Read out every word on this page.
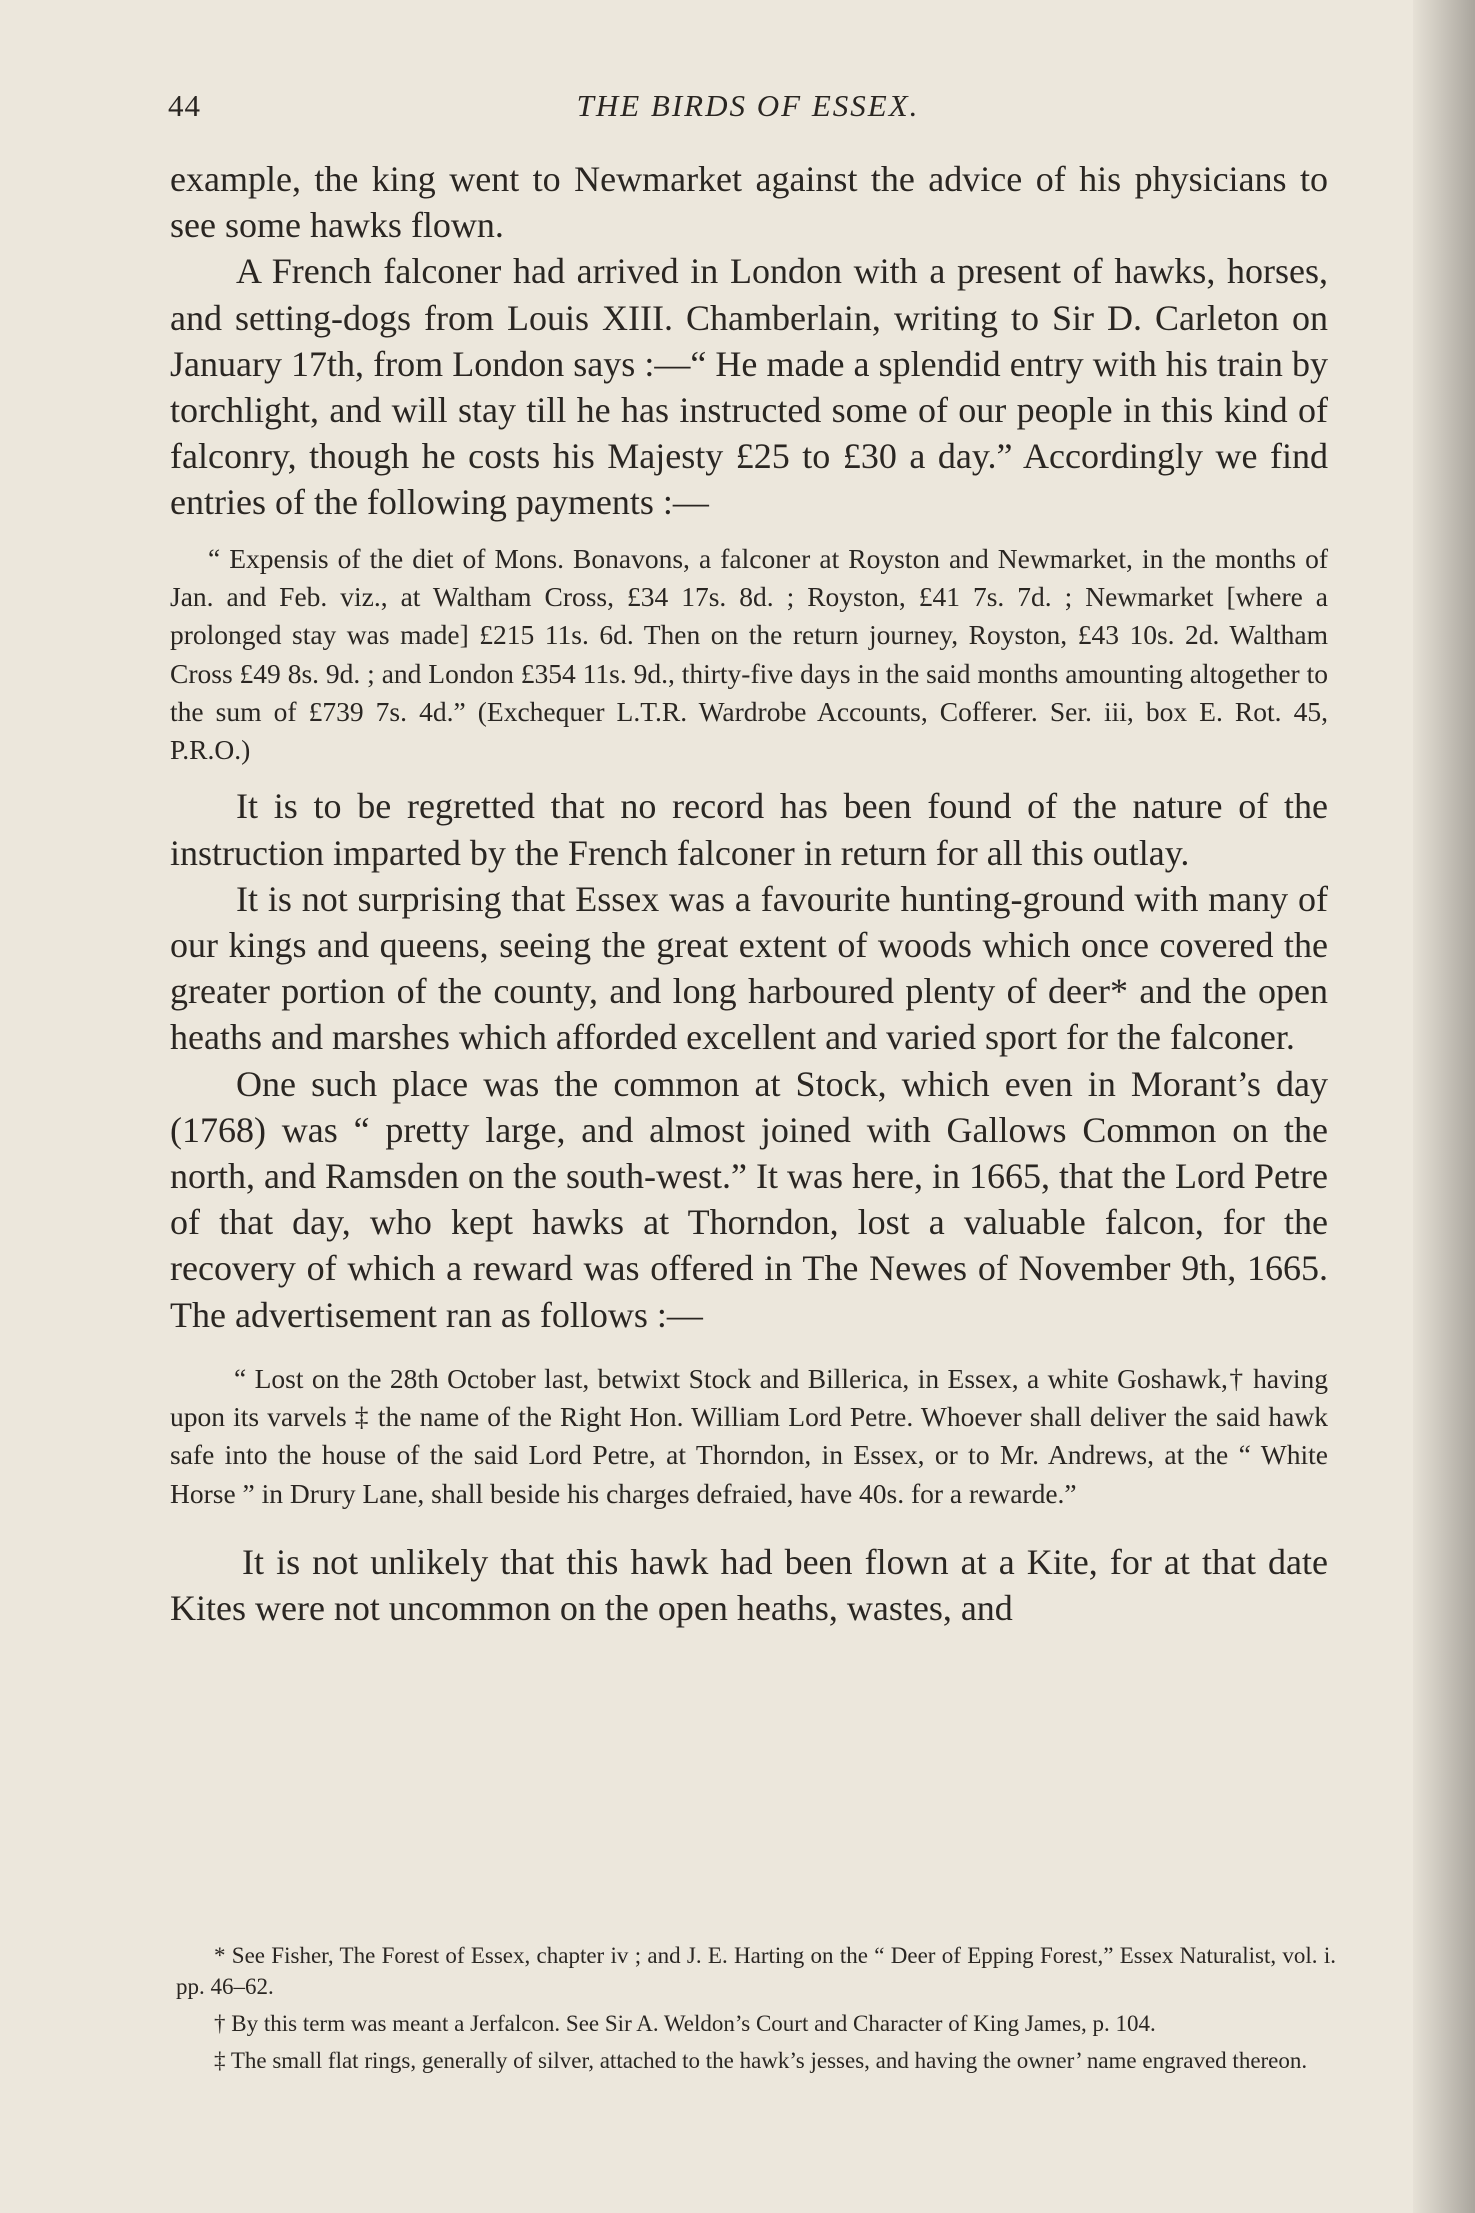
44	THE BIRDS OF ESSEX.

example, the king went to Newmarket against the advice of his physicians to see some hawks flown.

A French falconer had arrived in London with a present of hawks, horses, and setting-dogs from Louis XIII. Chamberlain, writing to Sir D. Carleton on January 17th, from London says :—“ He made a splendid entry with his train by torchlight, and will stay till he has instructed some of our people in this kind of falconry, though he costs his Majesty £25 to £30 a day.” Accordingly we find entries of the following payments :—

“ Expensis of the diet of Mons. Bonavons, a falconer at Royston and Newmarket, in the months of Jan. and Feb. viz., at Waltham Cross, £34 17s. 8d. ; Royston, £41 7s. 7d. ; Newmarket [where a prolonged stay was made] £215 11s. 6d. Then on the return journey, Royston, £43 10s. 2d. Waltham Cross £49 8s. 9d. ; and London £354 11s. 9d., thirty-five days in the said months amounting altogether to the sum of £739 7s. 4d.” (Exchequer L.T.R. Wardrobe Accounts, Cofferer. Ser. iii, box E. Rot. 45, P.R.O.)

It is to be regretted that no record has been found of the nature of the instruction imparted by the French falconer in return for all this outlay.

It is not surprising that Essex was a favourite hunting-ground with many of our kings and queens, seeing the great extent of woods which once covered the greater portion of the county, and long harboured plenty of deer* and the open heaths and marshes which afforded excellent and varied sport for the falconer.

One such place was the common at Stock, which even in Morant’s day (1768) was “ pretty large, and almost joined with Gallows Common on the north, and Ramsden on the south-west.” It was here, in 1665, that the Lord Petre of that day, who kept hawks at Thorndon, lost a valuable falcon, for the recovery of which a reward was offered in The Newes of November 9th, 1665. The advertisement ran as follows :—

“ Lost on the 28th October last, betwixt Stock and Billerica, in Essex, a white Goshawk,† having upon its varvels ‡ the name of the Right Hon. William Lord Petre. Whoever shall deliver the said hawk safe into the house of the said Lord Petre, at Thorndon, in Essex, or to Mr. Andrews, at the “ White Horse ” in Drury Lane, shall beside his charges defraied, have 40s. for a rewarde.”

It is not unlikely that this hawk had been flown at a Kite, for at that date Kites were not uncommon on the open heaths, wastes, and

* See Fisher, The Forest of Essex, chapter iv ; and J. E. Harting on the “ Deer of Epping Forest,” Essex Naturalist, vol. i. pp. 46–62.

† By this term was meant a Jerfalcon. See Sir A. Weldon’s Court and Character of King James, p. 104.

‡ The small flat rings, generally of silver, attached to the hawk’s jesses, and having the owner’ name engraved thereon.
